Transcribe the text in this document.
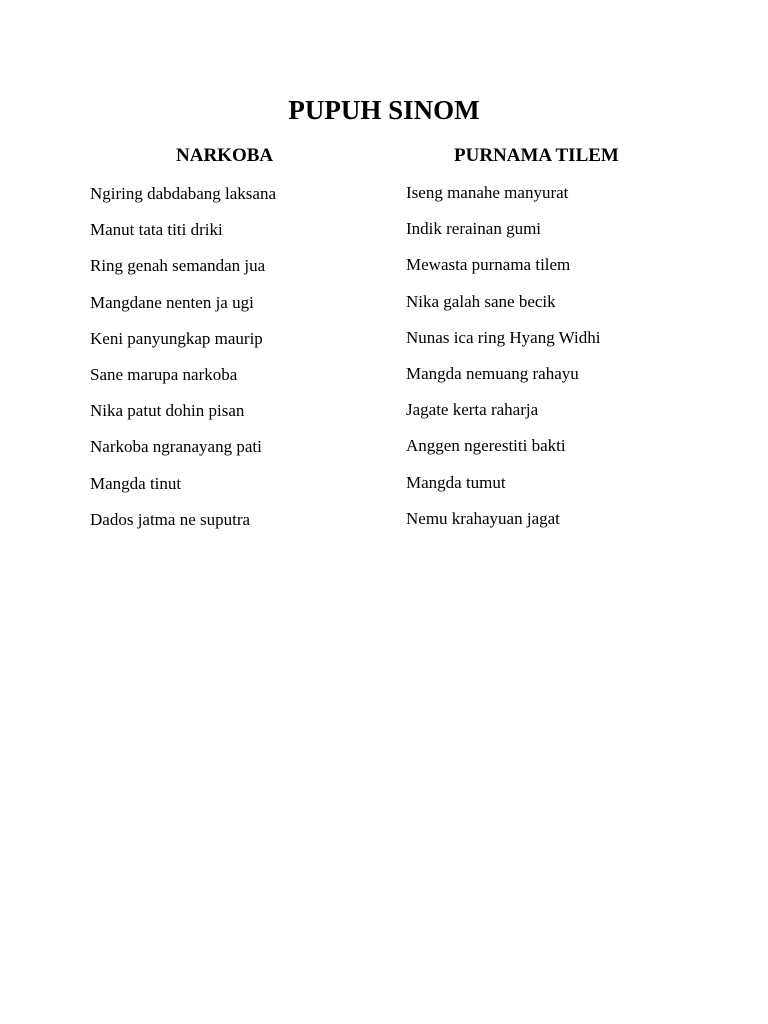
PUPUH SINOM
NARKOBA
Ngiring dabdabang laksana
Manut tata titi driki
Ring genah semandan jua
Mangdane nenten ja ugi
Keni panyungkap maurip
Sane marupa narkoba
Nika patut dohin pisan
Narkoba ngranayang pati
Mangda tinut
Dados jatma ne suputra
PURNAMA TILEM
Iseng manahe manyurat
Indik rerainan gumi
Mewasta purnama tilem
Nika galah sane becik
Nunas ica ring Hyang Widhi
Mangda nemuang rahayu
Jagate kerta raharja
Anggen ngerestiti bakti
Mangda tumut
Nemu krahayuan jagat
